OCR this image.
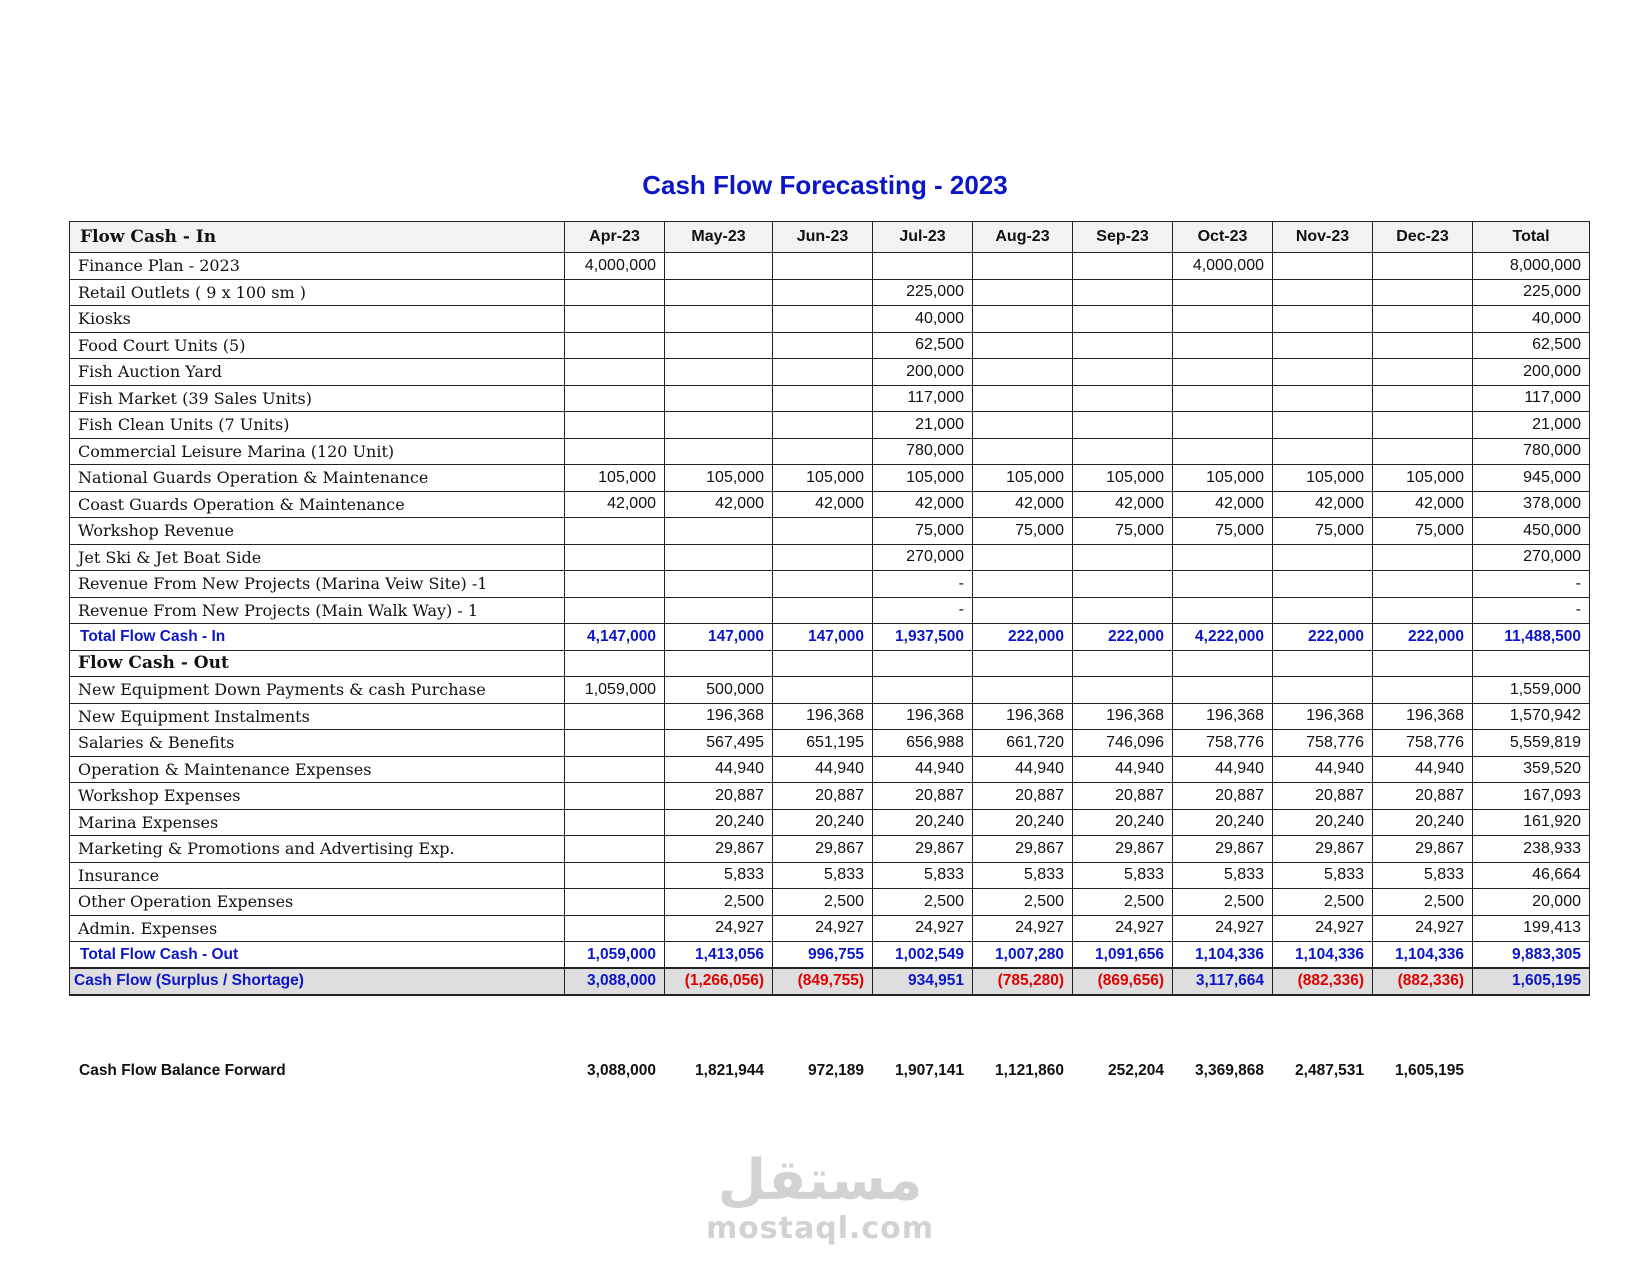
Cash Flow Forecasting - 2023
Flow Cash - In	Apr-23	May-23	Jun-23	Jul-23	Aug-23	Sep-23	Oct-23	Nov-23	Dec-23	Total
Finance Plan - 2023	4,000,000						4,000,000			8,000,000
Retail Outlets ( 9 x 100 sm )				225,000						225,000
Kiosks				40,000						40,000
Food Court Units (5)				62,500						62,500
Fish Auction Yard				200,000						200,000
Fish Market (39 Sales Units)				117,000						117,000
Fish Clean Units (7 Units)				21,000						21,000
Commercial Leisure Marina (120 Unit)				780,000						780,000
National Guards Operation & Maintenance	105,000	105,000	105,000	105,000	105,000	105,000	105,000	105,000	105,000	945,000
Coast Guards Operation & Maintenance	42,000	42,000	42,000	42,000	42,000	42,000	42,000	42,000	42,000	378,000
Workshop Revenue				75,000	75,000	75,000	75,000	75,000	75,000	450,000
Jet Ski & Jet Boat Side				270,000						270,000
Revenue From New Projects (Marina Veiw Site) -1				-						-
Revenue From New Projects (Main Walk Way) - 1				-						-
Total Flow Cash - In	4,147,000	147,000	147,000	1,937,500	222,000	222,000	4,222,000	222,000	222,000	11,488,500
Flow Cash - Out										
New Equipment Down Payments & cash Purchase	1,059,000	500,000								1,559,000
New Equipment Instalments		196,368	196,368	196,368	196,368	196,368	196,368	196,368	196,368	1,570,942
Salaries & Benefits		567,495	651,195	656,988	661,720	746,096	758,776	758,776	758,776	5,559,819
Operation & Maintenance Expenses		44,940	44,940	44,940	44,940	44,940	44,940	44,940	44,940	359,520
Workshop Expenses		20,887	20,887	20,887	20,887	20,887	20,887	20,887	20,887	167,093
Marina Expenses		20,240	20,240	20,240	20,240	20,240	20,240	20,240	20,240	161,920
Marketing & Promotions and Advertising Exp.		29,867	29,867	29,867	29,867	29,867	29,867	29,867	29,867	238,933
Insurance		5,833	5,833	5,833	5,833	5,833	5,833	5,833	5,833	46,664
Other Operation Expenses		2,500	2,500	2,500	2,500	2,500	2,500	2,500	2,500	20,000
Admin. Expenses		24,927	24,927	24,927	24,927	24,927	24,927	24,927	24,927	199,413
Total Flow Cash - Out	1,059,000	1,413,056	996,755	1,002,549	1,007,280	1,091,656	1,104,336	1,104,336	1,104,336	9,883,305
Cash Flow (Surplus / Shortage)	3,088,000	(1,266,056)	(849,755)	934,951	(785,280)	(869,656)	3,117,664	(882,336)	(882,336)	1,605,195
Cash Flow Balance Forward	3,088,000	1,821,944	972,189	1,907,141	1,121,860	252,204	3,369,868	2,487,531	1,605,195	
مستقل
mostaql.com
